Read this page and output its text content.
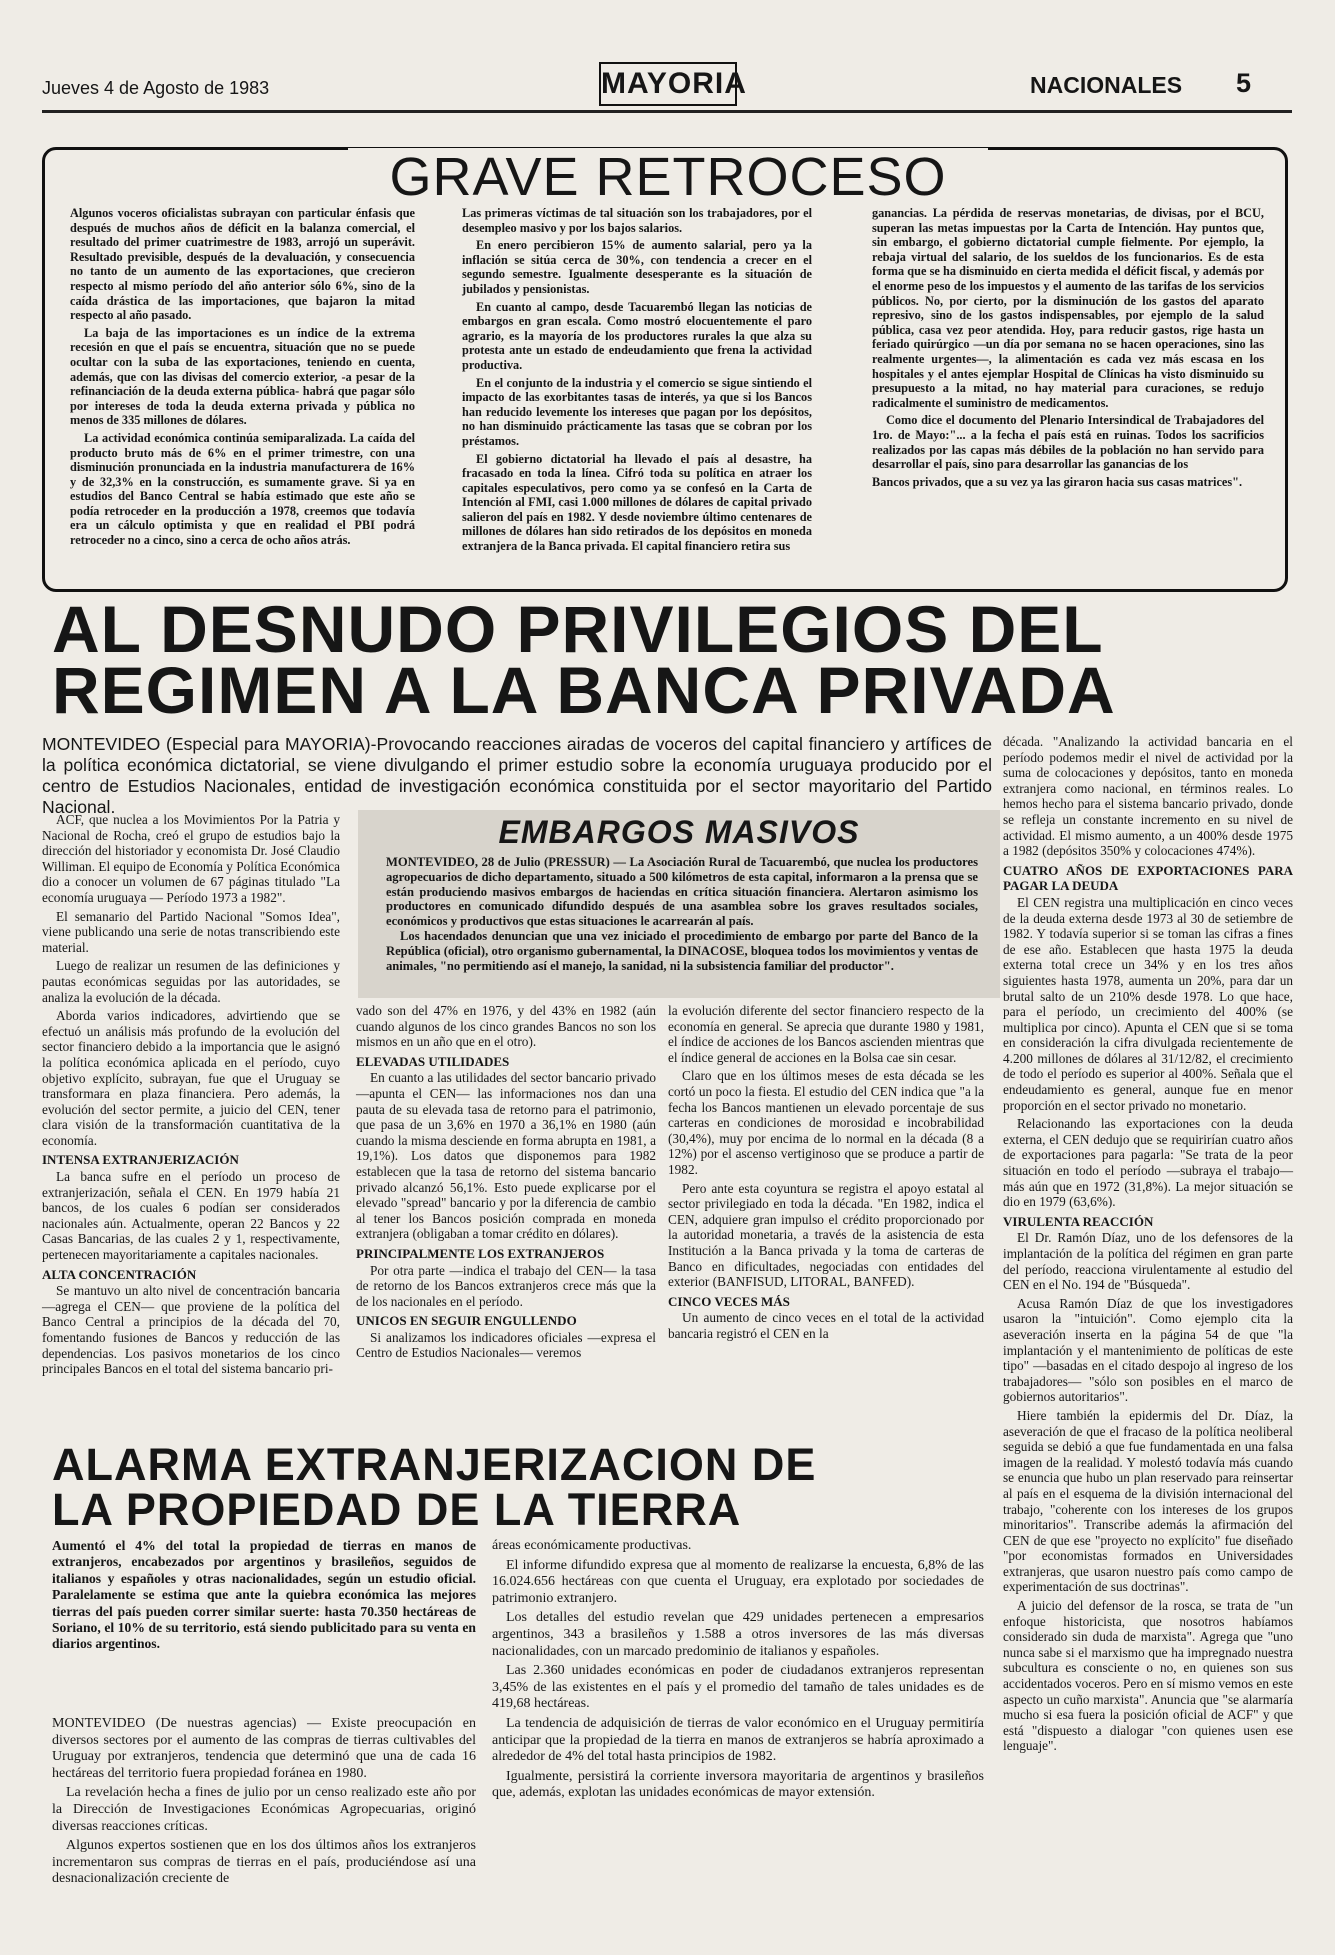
Jueves 4 de Agosto de 1983	MAYORIA	NACIONALES 5
GRAVE RETROCESO

Algunos voceros oficialistas subrayan con particular énfasis que después de muchos años de déficit en la balanza comercial, el resultado del primer cuatrimestre de 1983, arrojó un superávit. Resultado previsible, después de la devaluación, y consecuencia no tanto de un aumento de las exportaciones, que crecieron respecto al mismo período del año anterior sólo 6%, sino de la caída drástica de las importaciones, que bajaron la mitad respecto al año pasado.

La baja de las importaciones es un índice de la extrema recesión en que el país se encuentra, situación que no se puede ocultar con la suba de las exportaciones, teniendo en cuenta, además, que con las divisas del comercio exterior, -a pesar de la refinanciación de la deuda externa pública- habrá que pagar sólo por intereses de toda la deuda externa privada y pública no menos de 335 millones de dólares.

La actividad económica continúa semiparalizada. La caída del producto bruto más de 6% en el primer trimestre, con una disminución pronunciada en la industria manufacturera de 16% y de 32,3% en la construcción, es sumamente grave. Si ya en estudios del Banco Central se había estimado que este año se podía retroceder en la producción a 1978, creemos que todavía era un cálculo optimista y que en realidad el PBI podrá retroceder no a cinco, sino a cerca de ocho años atrás.

Las primeras víctimas de tal situación son los trabajadores, por el desempleo masivo y por los bajos salarios.

En enero percibieron 15% de aumento salarial, pero ya la inflación se sitúa cerca de 30%, con tendencia a crecer en el segundo semestre. Igualmente desesperante es la situación de jubilados y pensionistas.

En cuanto al campo, desde Tacuarembó llegan las noticias de embargos en gran escala. Como mostró elocuentemente el paro agrario, es la mayoría de los productores rurales la que alza su protesta ante un estado de endeudamiento que frena la actividad productiva.

En el conjunto de la industria y el comercio se sigue sintiendo el impacto de las exorbitantes tasas de interés, ya que si los Bancos han reducido levemente los intereses que pagan por los depósitos, no han disminuido prácticamente las tasas que se cobran por los préstamos.

El gobierno dictatorial ha llevado el país al desastre, ha fracasado en toda la línea. Cifró toda su política en atraer los capitales especulativos, pero como ya se confesó en la Carta de Intención al FMI, casi 1.000 millones de dólares de capital privado salieron del país en 1982. Y desde noviembre último centenares de millones de dólares han sido retirados de los depósitos en moneda extranjera de la Banca privada. El capital financiero retira sus

ganancias. La pérdida de reservas monetarias, de divisas, por el BCU, superan las metas impuestas por la Carta de Intención. Hay puntos que, sin embargo, el gobierno dictatorial cumple fielmente. Por ejemplo, la rebaja virtual del salario, de los sueldos de los funcionarios. Es de esta forma que se ha disminuido en cierta medida el déficit fiscal, y además por el enorme peso de los impuestos y el aumento de las tarifas de los servicios públicos. No, por cierto, por la disminución de los gastos del aparato represivo, sino de los gastos indispensables, por ejemplo de la salud pública, casa vez peor atendida. Hoy, para reducir gastos, rige hasta un feriado quirúrgico —un día por semana no se hacen operaciones, sino las realmente urgentes—, la alimentación es cada vez más escasa en los hospitales y el antes ejemplar Hospital de Clínicas ha visto disminuido su presupuesto a la mitad, no hay material para curaciones, se redujo radicalmente el suministro de medicamentos.

Como dice el documento del Plenario Intersindical de Trabajadores del 1ro. de Mayo:"... a la fecha el país está en ruinas. Todos los sacrificios realizados por las capas más débiles de la población no han servido para desarrollar el país, sino para desarrollar las ganancias de los

Bancos privados, que a su vez ya las giraron hacia sus casas matrices".

AL DESNUDO PRIVILEGIOS DEL

REGIMEN A LA BANCA PRIVADA

MONTEVIDEO (Especial para MAYORIA)-Provocando reacciones airadas de voceros del capital financiero y artífices de la política económica dictatorial, se viene divulgando el primer estudio sobre la economía uruguaya producido por el centro de Estudios Nacionales, entidad de investigación económica constituida por el sector mayoritario del Partido Nacional.

ACF, que nuclea a los Movimientos Por la Patria y Nacional de Rocha, creó el grupo de estudios bajo la dirección del historiador y economista Dr. José Claudio Williman. El equipo de Economía y Política Económica dio a conocer un volumen de 67 páginas titulado "La economía uruguaya — Período 1973 a 1982".

El semanario del Partido Nacional "Somos Idea", viene publicando una serie de notas transcribiendo este material.

Luego de realizar un resumen de las definiciones y pautas económicas seguidas por las autoridades, se analiza la evolución de la década.

Aborda varios indicadores, advirtiendo que se efectuó un análisis más profundo de la evolución del sector financiero debido a la importancia que le asignó la política económica aplicada en el período, cuyo objetivo explícito, subrayan, fue que el Uruguay se transformara en plaza financiera. Pero además, la evolución del sector permite, a juicio del CEN, tener clara visión de la transformación cuantitativa de la economía.

INTENSA EXTRANJERIZACIÓN

La banca sufre en el período un proceso de extranjerización, señala el CEN. En 1979 había 21 bancos, de los cuales 6 podían ser considerados nacionales aún. Actualmente, operan 22 Bancos y 22 Casas Bancarias, de las cuales 2 y 1, respectivamente, pertenecen mayoritariamente a capitales nacionales.

ALTA CONCENTRACIÓN

Se mantuvo un alto nivel de concentración bancaria —agrega el CEN— que proviene de la política del Banco Central a principios de la década del 70, fomentando fusiones de Bancos y reducción de las dependencias. Los pasivos monetarios de los cinco principales Bancos en el total del sistema bancario pri-

EMBARGOS MASIVOS

MONTEVIDEO, 28 de Julio (PRESSUR) — La Asociación Rural de Tacuarembó, que nuclea los productores agropecuarios de dicho departamento, situado a 500 kilómetros de esta capital, informaron a la prensa que se están produciendo masivos embargos de haciendas en crítica situación financiera. Alertaron asimismo los productores en comunicado difundido después de una asamblea sobre los graves resultados sociales, económicos y productivos que estas situaciones le acarrearán al país.

Los hacendados denuncian que una vez iniciado el procedimiento de embargo por parte del Banco de la República (oficial), otro organismo gubernamental, la DINACOSE, bloquea todos los movimientos y ventas de animales, "no permitiendo así el manejo, la sanidad, ni la subsistencia familiar del productor".

vado son del 47% en 1976, y del 43% en 1982 (aún cuando algunos de los cinco grandes Bancos no son los mismos en un año que en el otro).

ELEVADAS UTILIDADES

En cuanto a las utilidades del sector bancario privado —apunta el CEN— las informaciones nos dan una pauta de su elevada tasa de retorno para el patrimonio, que pasa de un 3,6% en 1970 a 36,1% en 1980 (aún cuando la misma desciende en forma abrupta en 1981, a 19,1%). Los datos que disponemos para 1982 establecen que la tasa de retorno del sistema bancario privado alcanzó 56,1%. Esto puede explicarse por el elevado "spread" bancario y por la diferencia de cambio al tener los Bancos posición comprada en moneda extranjera (obligaban a tomar crédito en dólares).

PRINCIPALMENTE LOS EXTRANJEROS

Por otra parte —indica el trabajo del CEN— la tasa de retorno de los Bancos extranjeros crece más que la de los nacionales en el período.

UNICOS EN SEGUIR ENGULLENDO

Si analizamos los indicadores oficiales —expresa el Centro de Estudios Nacionales— veremos

la evolución diferente del sector financiero respecto de la economía en general. Se aprecia que durante 1980 y 1981, el índice de acciones de los Bancos ascienden mientras que el índice general de acciones en la Bolsa cae sin cesar.

Claro que en los últimos meses de esta década se les cortó un poco la fiesta. El estudio del CEN indica que "a la fecha los Bancos mantienen un elevado porcentaje de sus carteras en condiciones de morosidad e incobrabilidad (30,4%), muy por encima de lo normal en la década (8 a 12%) por el ascenso vertiginoso que se produce a partir de 1982.

Pero ante esta coyuntura se registra el apoyo estatal al sector privilegiado en toda la década. "En 1982, indica el CEN, adquiere gran impulso el crédito proporcionado por la autoridad monetaria, a través de la asistencia de esta Institución a la Banca privada y la toma de carteras de Banco en dificultades, negociadas con entidades del exterior (BANFISUD, LITORAL, BANFED).

CINCO VECES MÁS

Un aumento de cinco veces en el total de la actividad bancaria registró el CEN en la

década. "Analizando la actividad bancaria en el período podemos medir el nivel de actividad por la suma de colocaciones y depósitos, tanto en moneda extranjera como nacional, en términos reales. Lo hemos hecho para el sistema bancario privado, donde se refleja un constante incremento en su nivel de actividad. El mismo aumento, a un 400% desde 1975 a 1982 (depósitos 350% y colocaciones 474%).

CUATRO AÑOS DE EXPORTACIONES PARA PAGAR LA DEUDA

El CEN registra una multiplicación en cinco veces de la deuda externa desde 1973 al 30 de setiembre de 1982. Y todavía superior si se toman las cifras a fines de ese año. Establecen que hasta 1975 la deuda externa total crece un 34% y en los tres años siguientes hasta 1978, aumenta un 20%, para dar un brutal salto de un 210% desde 1978. Lo que hace, para el período, un crecimiento del 400% (se multiplica por cinco). Apunta el CEN que si se toma en consideración la cifra divulgada recientemente de 4.200 millones de dólares al 31/12/82, el crecimiento de todo el período es superior al 400%. Señala que el endeudamiento es general, aunque fue en menor proporción en el sector privado no monetario.

Relacionando las exportaciones con la deuda externa, el CEN dedujo que se requirirían cuatro años de exportaciones para pagarla: "Se trata de la peor situación en todo el período —subraya el trabajo— más aún que en 1972 (31,8%). La mejor situación se dio en 1979 (63,6%).

VIRULENTA REACCIÓN

El Dr. Ramón Díaz, uno de los defensores de la implantación de la política del régimen en gran parte del período, reacciona virulentamente al estudio del CEN en el No. 194 de "Búsqueda".

Acusa Ramón Díaz de que los investigadores usaron la "intuición". Como ejemplo cita la aseveración inserta en la página 54 de que "la implantación y el mantenimiento de políticas de este tipo" —basadas en el citado despojo al ingreso de los trabajadores— "sólo son posibles en el marco de gobiernos autoritarios".

Hiere también la epidermis del Dr. Díaz, la aseveración de que el fracaso de la política neoliberal seguida se debió a que fue fundamentada en una falsa imagen de la realidad. Y molestó todavía más cuando se enuncia que hubo un plan reservado para reinsertar al país en el esquema de la división internacional del trabajo, "coherente con los intereses de los grupos minoritarios". Transcribe además la afirmación del CEN de que ese "proyecto no explícito" fue diseñado "por economistas formados en Universidades extranjeras, que usaron nuestro país como campo de experimentación de sus doctrinas".

A juicio del defensor de la rosca, se trata de "un enfoque historicista, que nosotros habíamos considerado sin duda de marxista". Agrega que "uno nunca sabe si el marxismo que ha impregnado nuestra subcultura es consciente o no, en quienes son sus accidentados voceros. Pero en sí mismo vemos en este aspecto un cuño marxista". Anuncia que "se alarmaría mucho si esa fuera la posición oficial de ACF" y que está "dispuesto a dialogar "con quienes usen ese lenguaje".

ALARMA EXTRANJERIZACION DE

LA PROPIEDAD DE LA TIERRA

Aumentó el 4% del total la propiedad de tierras en manos de extranjeros, encabezados por argentinos y brasileños, seguidos de italianos y españoles y otras nacionalidades, según un estudio oficial. Paralelamente se estima que ante la quiebra económica las mejores tierras del país pueden correr similar suerte: hasta 70.350 hectáreas de Soriano, el 10% de su territorio, está siendo publicitado para su venta en diarios argentinos.

MONTEVIDEO (De nuestras agencias) — Existe preocupación en diversos sectores por el aumento de las compras de tierras cultivables del Uruguay por extranjeros, tendencia que determinó que una de cada 16 hectáreas del territorio fuera propiedad foránea en 1980.

La revelación hecha a fines de julio por un censo realizado este año por la Dirección de Investigaciones Económicas Agropecuarias, originó diversas reacciones críticas.

Algunos expertos sostienen que en los dos últimos años los extranjeros incrementaron sus compras de tierras en el país, produciéndose así una desnacionalización creciente de

áreas económicamente productivas.

El informe difundido expresa que al momento de realizarse la encuesta, 6,8% de las 16.024.656 hectáreas con que cuenta el Uruguay, era explotado por sociedades de patrimonio extranjero.

Los detalles del estudio revelan que 429 unidades pertenecen a empresarios argentinos, 343 a brasileños y 1.588 a otros inversores de las más diversas nacionalidades, con un marcado predominio de italianos y españoles.

Las 2.360 unidades económicas en poder de ciudadanos extranjeros representan 3,45% de las existentes en el país y el promedio del tamaño de tales unidades es de 419,68 hectáreas.

La tendencia de adquisición de tierras de valor económico en el Uruguay permitiría anticipar que la propiedad de la tierra en manos de extranjeros se habría aproximado a alrededor de 4% del total hasta principios de 1982.

Igualmente, persistirá la corriente inversora mayoritaria de argentinos y brasileños que, además, explotan las unidades económicas de mayor extensión.
